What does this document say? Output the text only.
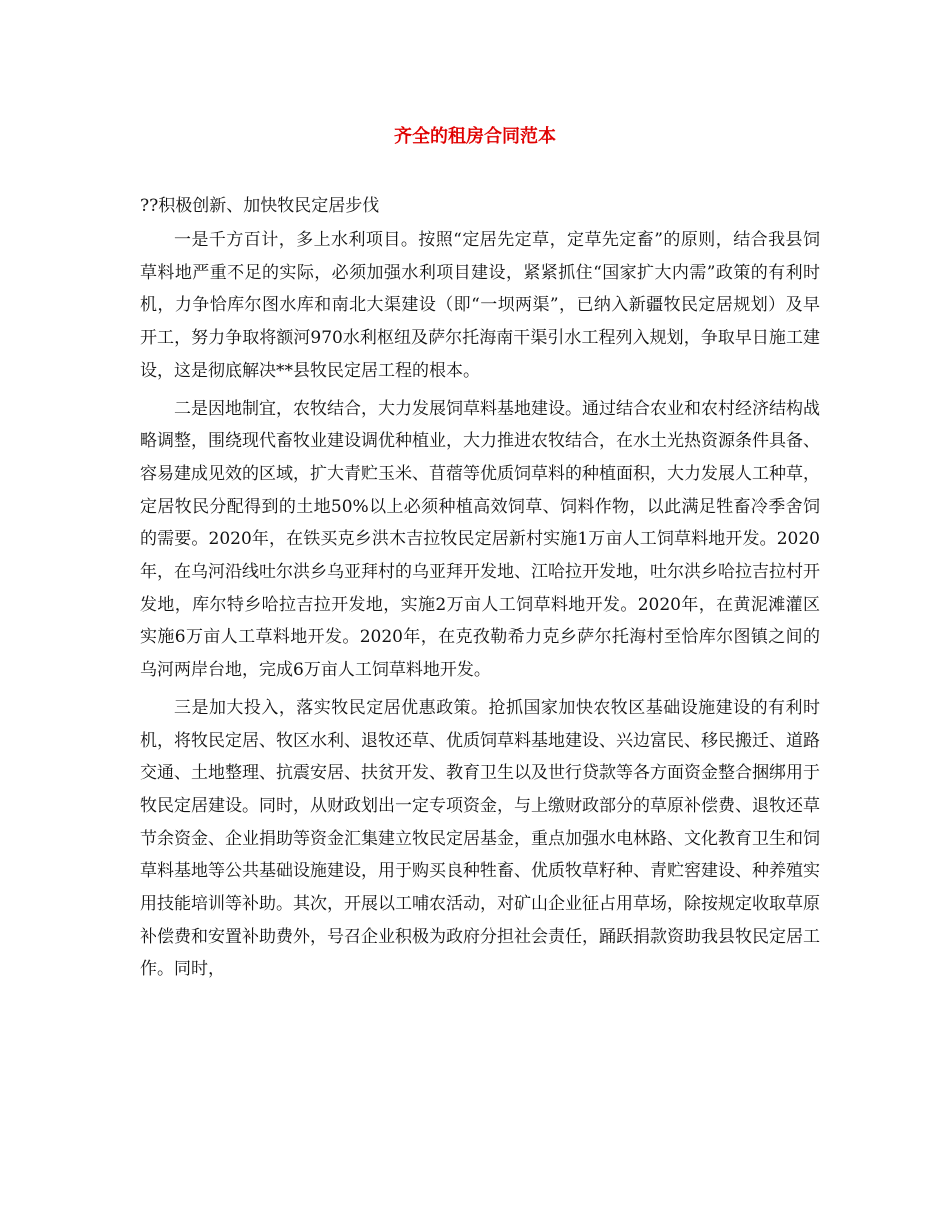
齐全的租房合同范本

??积极创新、加快牧民定居步伐

一是千方百计，多上水利项目。按照“定居先定草，定草先定畜”的原则，结合我县饲草料地严重不足的实际，必须加强水利项目建设，紧紧抓住“国家扩大内需”政策的有利时机，力争恰库尔图水库和南北大渠建设（即“一坝两渠”，已纳入新疆牧民定居规划）及早开工，努力争取将额河970水利枢纽及萨尔托海南干渠引水工程列入规划，争取早日施工建设，这是彻底解决**县牧民定居工程的根本。

二是因地制宜，农牧结合，大力发展饲草料基地建设。通过结合农业和农村经济结构战略调整，围绕现代畜牧业建设调优种植业，大力推进农牧结合，在水土光热资源条件具备、容易建成见效的区域，扩大青贮玉米、苜蓿等优质饲草料的种植面积，大力发展人工种草，定居牧民分配得到的土地50%以上必须种植高效饲草、饲料作物，以此满足牲畜冷季舍饲的需要。2020年，在铁买克乡洪木吉拉牧民定居新村实施1万亩人工饲草料地开发。2020年，在乌河沿线吐尔洪乡乌亚拜村的乌亚拜开发地、江哈拉开发地，吐尔洪乡哈拉吉拉村开发地，库尔特乡哈拉吉拉开发地，实施2万亩人工饲草料地开发。2020年，在黄泥滩灌区实施6万亩人工草料地开发。2020年，在克孜勒希力克乡萨尔托海村至恰库尔图镇之间的乌河两岸台地，完成6万亩人工饲草料地开发。

三是加大投入，落实牧民定居优惠政策。抢抓国家加快农牧区基础设施建设的有利时机，将牧民定居、牧区水利、退牧还草、优质饲草料基地建设、兴边富民、移民搬迁、道路交通、土地整理、抗震安居、扶贫开发、教育卫生以及世行贷款等各方面资金整合捆绑用于牧民定居建设。同时，从财政划出一定专项资金，与上缴财政部分的草原补偿费、退牧还草节余资金、企业捐助等资金汇集建立牧民定居基金，重点加强水电林路、文化教育卫生和饲草料基地等公共基础设施建设，用于购买良种牲畜、优质牧草籽种、青贮窖建设、种养殖实用技能培训等补助。其次，开展以工哺农活动，对矿山企业征占用草场，除按规定收取草原补偿费和安置补助费外，号召企业积极为政府分担社会责任，踊跃捐款资助我县牧民定居工作。同时，
